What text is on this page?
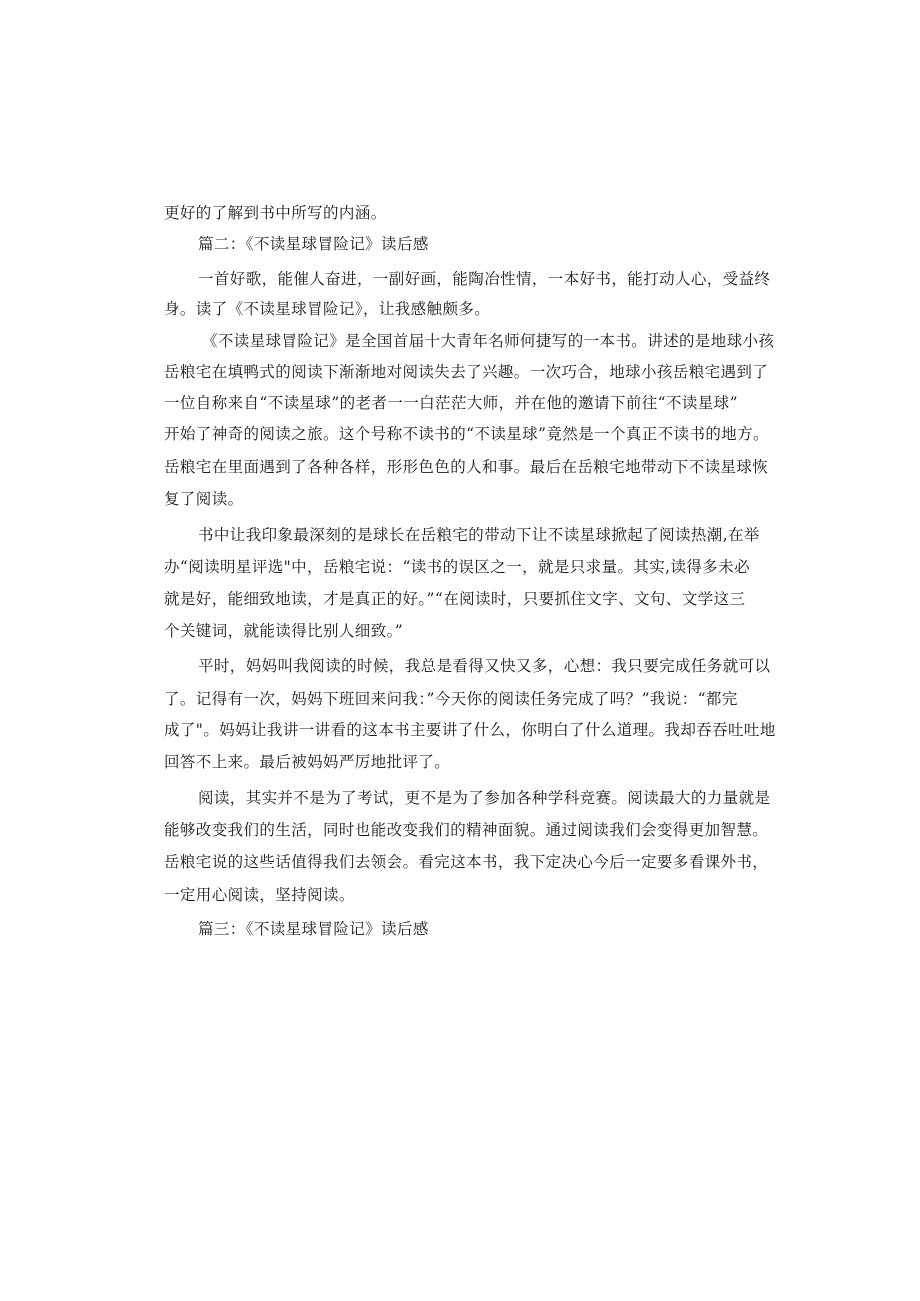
更好的了解到书中所写的内涵。
篇二：《不读星球冒险记》读后感
一首好歌，能催人奋进，一副好画，能陶冶性情，一本好书，能打动人心，受益终
身。读了《不读星球冒险记》，让我感触颇多。
《不读星球冒险记》是全国首届十大青年名师何捷写的一本书。讲述的是地球小孩
岳粮宅在填鸭式的阅读下渐渐地对阅读失去了兴趣。一次巧合，地球小孩岳粮宅遇到了
一位自称来自“不读星球”的老者一一白茫茫大师，并在他的邀请下前往“不读星球”
开始了神奇的阅读之旅。这个号称不读书的“不读星球”竟然是一个真正不读书的地方。
岳粮宅在里面遇到了各种各样，形形色色的人和事。最后在岳粮宅地带动下不读星球恢
复了阅读。
书中让我印象最深刻的是球长在岳粮宅的带动下让不读星球掀起了阅读热潮,在举
办“阅读明星评选"中，岳粮宅说：“读书的误区之一，就是只求量。其实,读得多未必
就是好，能细致地读，才是真正的好。”“在阅读时，只要抓住文字、文句、文学这三
个关键词，就能读得比别人细致。”
平时，妈妈叫我阅读的时候，我总是看得又快又多，心想：我只要完成任务就可以
了。记得有一次，妈妈下班回来问我：”今天你的阅读任务完成了吗？”我说：“都完
成了"。妈妈让我讲一讲看的这本书主要讲了什么，你明白了什么道理。我却吞吞吐吐地
回答不上来。最后被妈妈严厉地批评了。
阅读，其实并不是为了考试，更不是为了参加各种学科竞赛。阅读最大的力量就是
能够改变我们的生活，同时也能改变我们的精神面貌。通过阅读我们会变得更加智慧。
岳粮宅说的这些话值得我们去领会。看完这本书，我下定决心今后一定要多看课外书，
一定用心阅读，坚持阅读。
篇三：《不读星球冒险记》读后感
